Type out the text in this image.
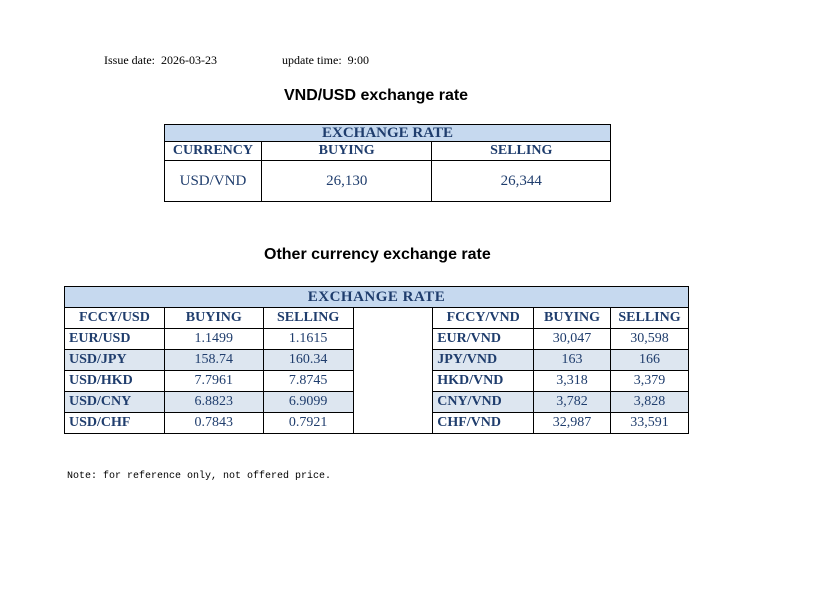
Issue date: 2026-03-23	update time: 9:00
VND/USD exchange rate
EXCHANGE RATE		
CURRENCY	BUYING	SELLING
USD/VND	26,130	26,344
Other currency exchange rate
EXCHANGE RATE						
FCCY/USD	BUYING	SELLING		FCCY/VND	BUYING	SELLING
EUR/USD	1.1499	1.1615		EUR/VND	30,047	30,598
USD/JPY	158.74	160.34		JPY/VND	163	166
USD/HKD	7.7961	7.8745		HKD/VND	3,318	3,379
USD/CNY	6.8823	6.9099		CNY/VND	3,782	3,828
USD/CHF	0.7843	0.7921		CHF/VND	32,987	33,591
Note: for reference only, not offered price.
